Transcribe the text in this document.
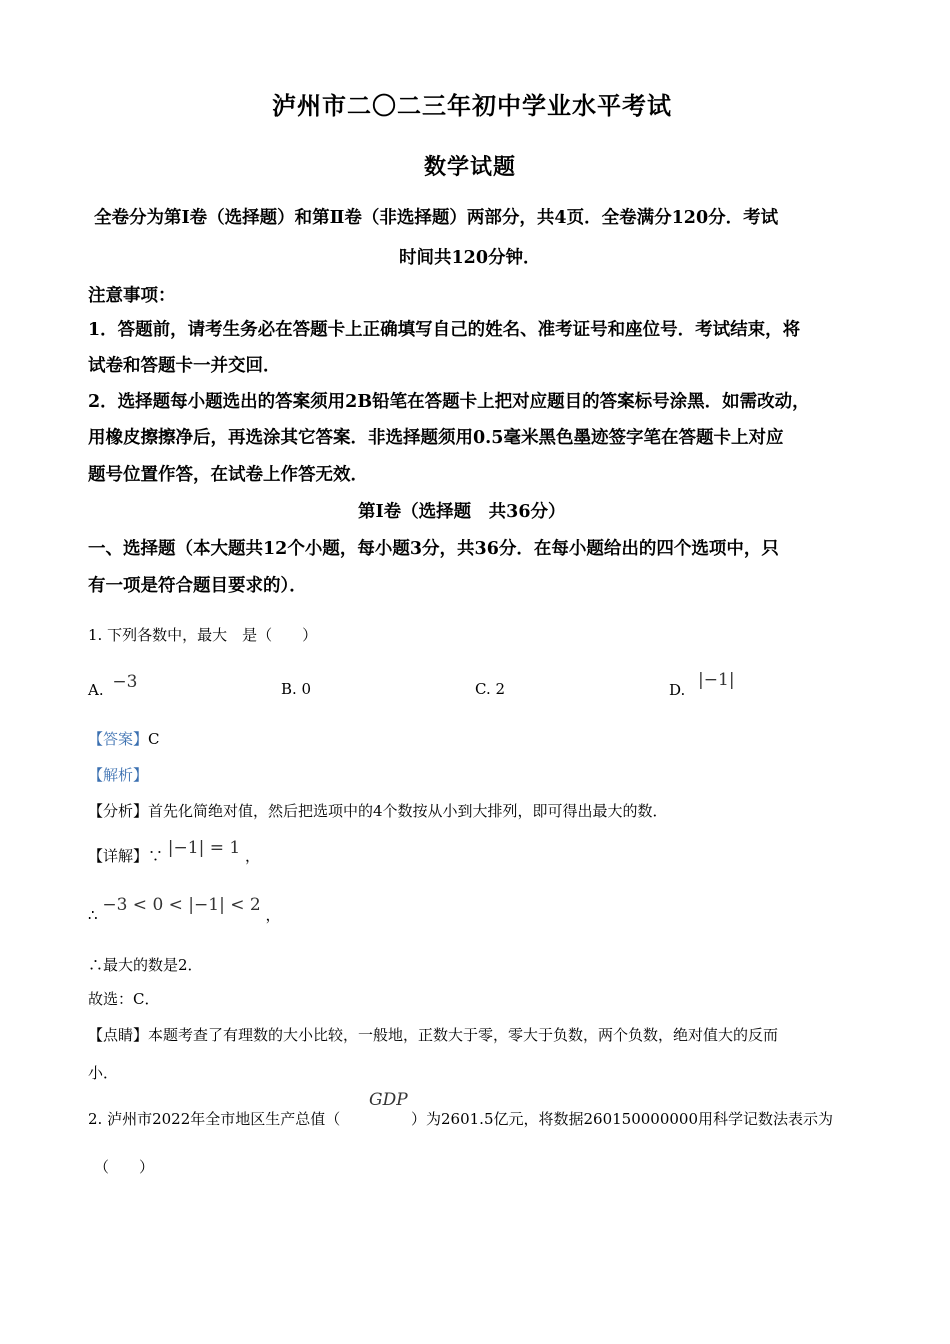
泸州市二〇二三年初中学业水平考试
数学试题
全卷分为第Ⅰ卷（选择题）和第Ⅱ卷（非选择题）两部分，共4页．全卷满分120分．考试
时间共120分钟．
注意事项：
1．答题前，请考生务必在答题卡上正确填写自己的姓名、准考证号和座位号．考试结束，将
试卷和答题卡一并交回．
2．选择题每小题选出的答案须用2B铅笔在答题卡上把对应题目的答案标号涂黑．如需改动，
用橡皮擦擦净后，再选涂其它答案．非选择题须用0.5毫米黑色墨迹签字笔在答题卡上对应
题号位置作答，在试卷上作答无效．
第Ⅰ卷（选择题　共36分）
一、选择题（本大题共12个小题，每小题3分，共36分．在每小题给出的四个选项中，只
有一项是符合题目要求的）．
1. 下列各数中，最大　是（　　）
A. −3	B. 0	C. 2	D. |−1|
【答案】C
【解析】
【分析】首先化简绝对值，然后把选项中的4个数按从小到大排列，即可得出最大的数．
【详解】∵ |−1| = 1 ，
∴ −3 < 0 < |−1| < 2 ，
∴最大的数是2．
故选：C．
【点睛】本题考查了有理数的大小比较，一般地，正数大于零，零大于负数，两个负数，绝对值大的反而
小．
GDP
2. 泸州市2022年全市地区生产总值（	）为2601.5亿元，将数据260150000000用科学记数法表示为
（　　）
